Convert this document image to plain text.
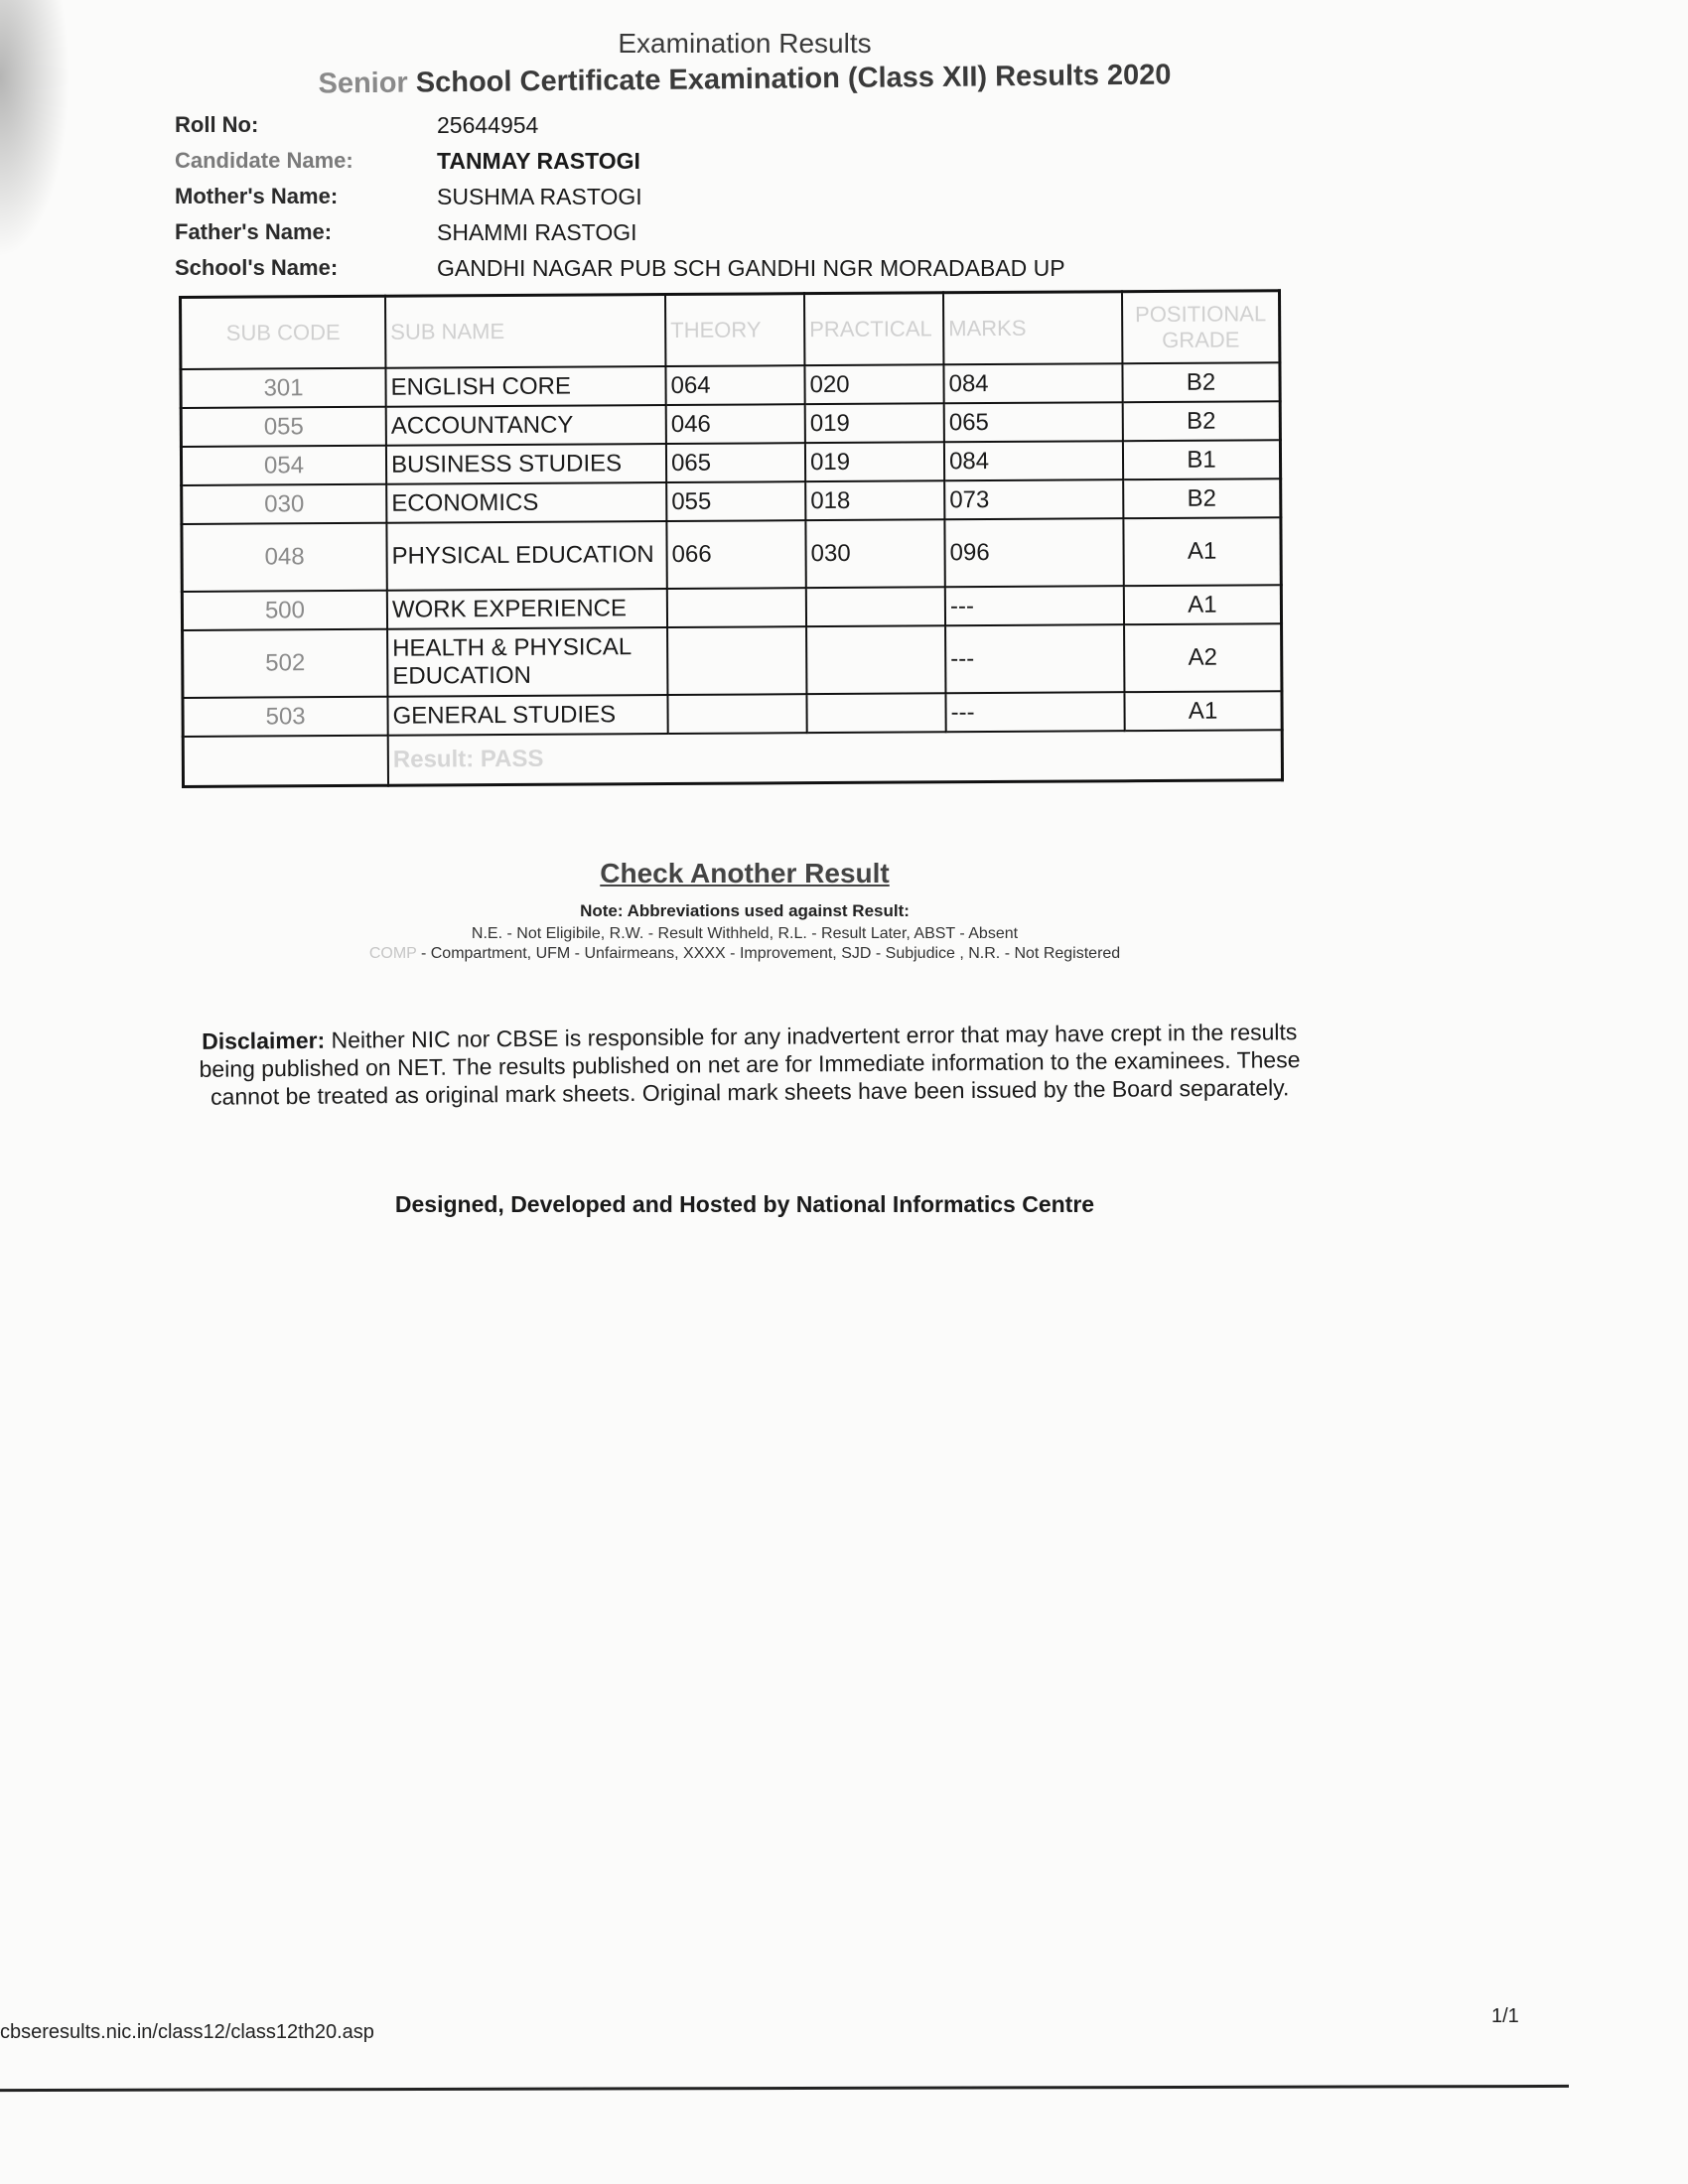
Examination Results

Senior School Certificate Examination (Class XII) Results 2020

Roll No:	25644954
Candidate Name:	TANMAY RASTOGI
Mother's Name:	SUSHMA RASTOGI
Father's Name:	SHAMMI RASTOGI
School's Name:	GANDHI NAGAR PUB SCH GANDHI NGR MORADABAD UP
SUB CODE	SUB NAME	THEORY	PRACTICAL	MARKS	POSITIONAL GRADE
301	ENGLISH CORE	064	020	084	B2
055	ACCOUNTANCY	046	019	065	B2
054	BUSINESS STUDIES	065	019	084	B1
030	ECONOMICS	055	018	073	B2
048	PHYSICAL EDUCATION	066	030	096	A1
500	WORK EXPERIENCE			---	A1
502	HEALTH & PHYSICAL EDUCATION			---	A2
503	GENERAL STUDIES			---	A1
	Result: PASS				
Check Another Result

Note: Abbreviations used against Result:

N.E. - Not Eligibile, R.W. - Result Withheld, R.L. - Result Later, ABST - Absent

COMP - Compartment, UFM - Unfairmeans, XXXX - Improvement, SJD - Subjudice , N.R. - Not Registered

Disclaimer: Neither NIC nor CBSE is responsible for any inadvertent error that may have crept in the results being published on NET. The results published on net are for Immediate information to the examinees. These cannot be treated as original mark sheets. Original mark sheets have been issued by the Board separately.
Designed, Developed and Hosted by National Informatics Centre
cbseresults.nic.in/class12/class12th20.asp
1/1
